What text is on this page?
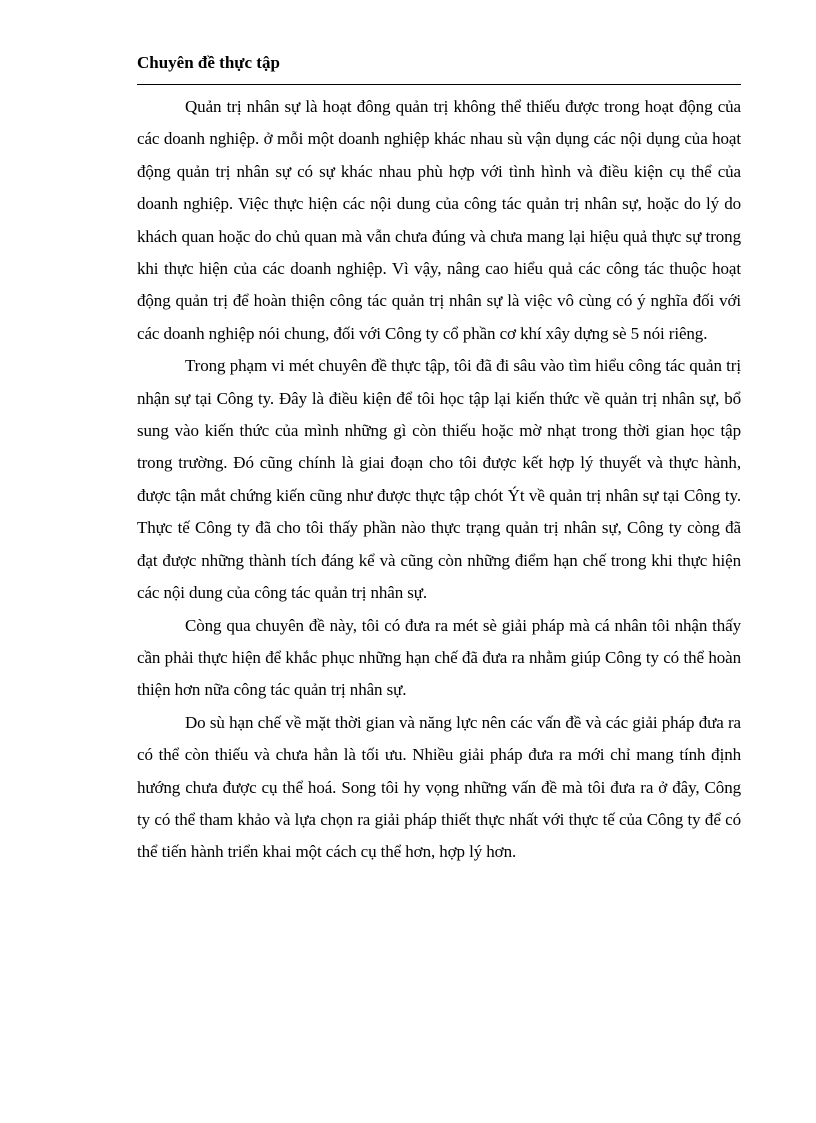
Chuyên đề thực tập

Quản trị nhân sự là hoạt đông quản trị không thể thiếu được trong hoạt động của các doanh nghiệp. ở mỗi một doanh nghiệp khác nhau sù vận dụng các nội dụng của hoạt động quản trị nhân sự có sự khác nhau phù hợp với tình hình và điều kiện cụ thể của doanh nghiệp. Việc thực hiện các nội dung của công tác quản trị nhân sự, hoặc do lý do khách quan hoặc do chủ quan mà vẫn chưa đúng và chưa mang lại hiệu quả thực sự trong khi thực hiện của các doanh nghiệp. Vì vậy, nâng cao hiểu quả các công tác thuộc hoạt động quản trị để hoàn thiện công tác quản trị nhân sự là việc vô cùng có ý nghĩa đối với các doanh nghiệp nói chung, đối với Công ty cổ phần cơ khí xây dựng sè 5 nói riêng.

Trong phạm vi mét chuyên đề thực tập, tôi đã đi sâu vào tìm hiểu công tác quản trị nhận sự tại Công ty. Đây là điều kiện để tôi học tập lại kiến thức về quản trị nhân sự, bổ sung vào kiến thức của mình những gì còn thiếu hoặc mờ nhạt trong thời gian học tập trong trường. Đó cũng chính là giai đoạn cho tôi được kết hợp lý thuyết và thực hành, được tận mắt chứng kiến cũng như được thực tập chót Ýt về quản trị nhân sự tại Công ty. Thực tế Công ty đã cho tôi thấy phần nào thực trạng quản trị nhân sự, Công ty còng đã đạt được những thành tích đáng kể và cũng còn những điểm hạn chế trong khi thực hiện các nội dung của công tác quản trị nhân sự.

Còng qua chuyên đề này, tôi có đưa ra mét sè giải pháp mà cá nhân tôi nhận thấy cần phải thực hiện để khắc phục những hạn chế đã đưa ra nhằm giúp Công ty có thể hoàn thiện hơn nữa công tác quản trị nhân sự.

Do sù hạn chế về mặt thời gian và năng lực nên các vấn đề và các giải pháp đưa ra có thể còn thiếu và chưa hẳn là tối ưu. Nhiều giải pháp đưa ra mới chỉ mang tính định hướng chưa được cụ thể hoá. Song tôi hy vọng những vấn đề mà tôi đưa ra ở đây, Công ty có thể tham khảo và lựa chọn ra giải pháp thiết thực nhất với thực tế của Công ty để có thể tiến hành triển khai một cách cụ thể hơn, hợp lý hơn.
